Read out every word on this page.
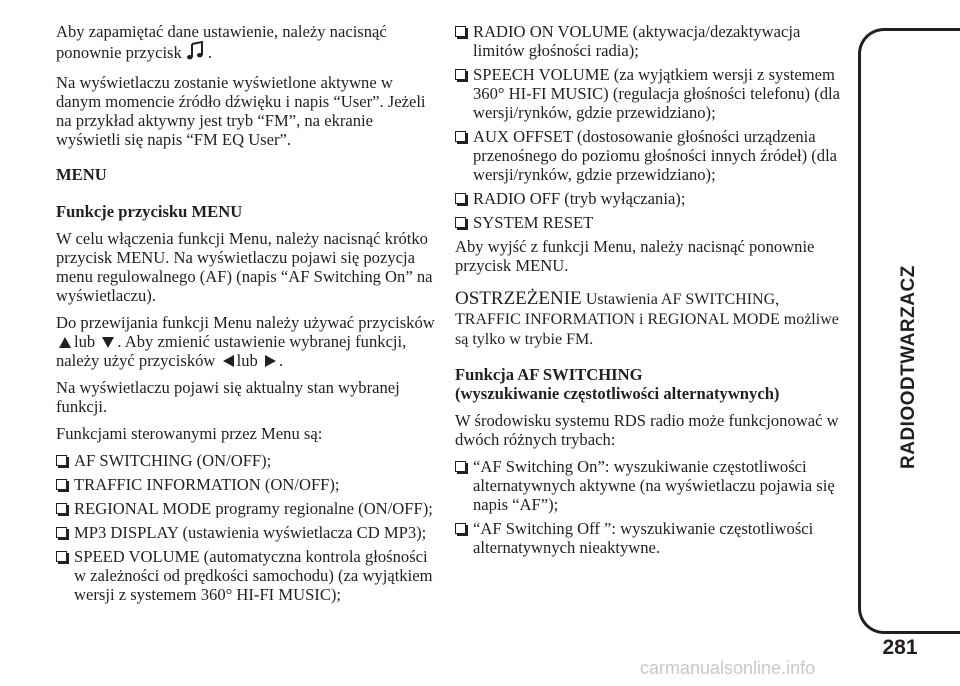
Aby zapamiętać dane ustawienie, należy nacisnąć ponownie przycisk .

Na wyświetlaczu zostanie wyświetlone aktywne w danym momencie źródło dźwięku i napis “User”. Jeżeli na przykład aktywny jest tryb “FM”, na ekranie wyświetli się napis “FM EQ User”.

MENU

Funkcje przycisku MENU

W celu włączenia funkcji Menu, należy nacisnąć krótko przycisk MENU. Na wyświetlaczu pojawi się pozycja menu regulowalnego (AF) (napis “AF Switching On” na wyświetlaczu).

Do przewijania funkcji Menu należy używać przycisków lub . Aby zmienić ustawienie wybranej funkcji, należy użyć przycisków lub .

Na wyświetlaczu pojawi się aktualny stan wybranej funkcji.

Funkcjami sterowanymi przez Menu są:

AF SWITCHING (ON/OFF);
TRAFFIC INFORMATION (ON/OFF);
REGIONAL MODE programy regionalne (ON/OFF);
MP3 DISPLAY (ustawienia wyświetlacza CD MP3);
SPEED VOLUME (automatyczna kontrola głośności w zależności od prędkości samochodu) (za wyjątkiem wersji z systemem 360° HI-FI MUSIC);
RADIO ON VOLUME (aktywacja/dezaktywacja limitów głośności radia);
SPEECH VOLUME (za wyjątkiem wersji z systemem 360° HI-FI MUSIC) (regulacja głośności telefonu) (dla wersji/rynków, gdzie przewidziano);
AUX OFFSET (dostosowanie głośności urządzenia przenośnego do poziomu głośności innych źródeł) (dla wersji/rynków, gdzie przewidziano);
RADIO OFF (tryb wyłączania);
SYSTEM RESET

Aby wyjść z funkcji Menu, należy nacisnąć ponownie przycisk MENU.

OSTRZEŻENIE Ustawienia AF SWITCHING, TRAFFIC INFORMATION i REGIONAL MODE możliwe są tylko w trybie FM.

Funkcja AF SWITCHING
(wyszukiwanie częstotliwości alternatywnych)

W środowisku systemu RDS radio może funkcjonować w dwóch różnych trybach:

“AF Switching On”: wyszukiwanie częstotliwości alternatywnych aktywne (na wyświetlaczu pojawia się napis “AF”);
“AF Switching Off ”: wyszukiwanie częstotliwości alternatywnych nieaktywne.
RADIOODTWARZACZ
281
carmanualsonline.info
